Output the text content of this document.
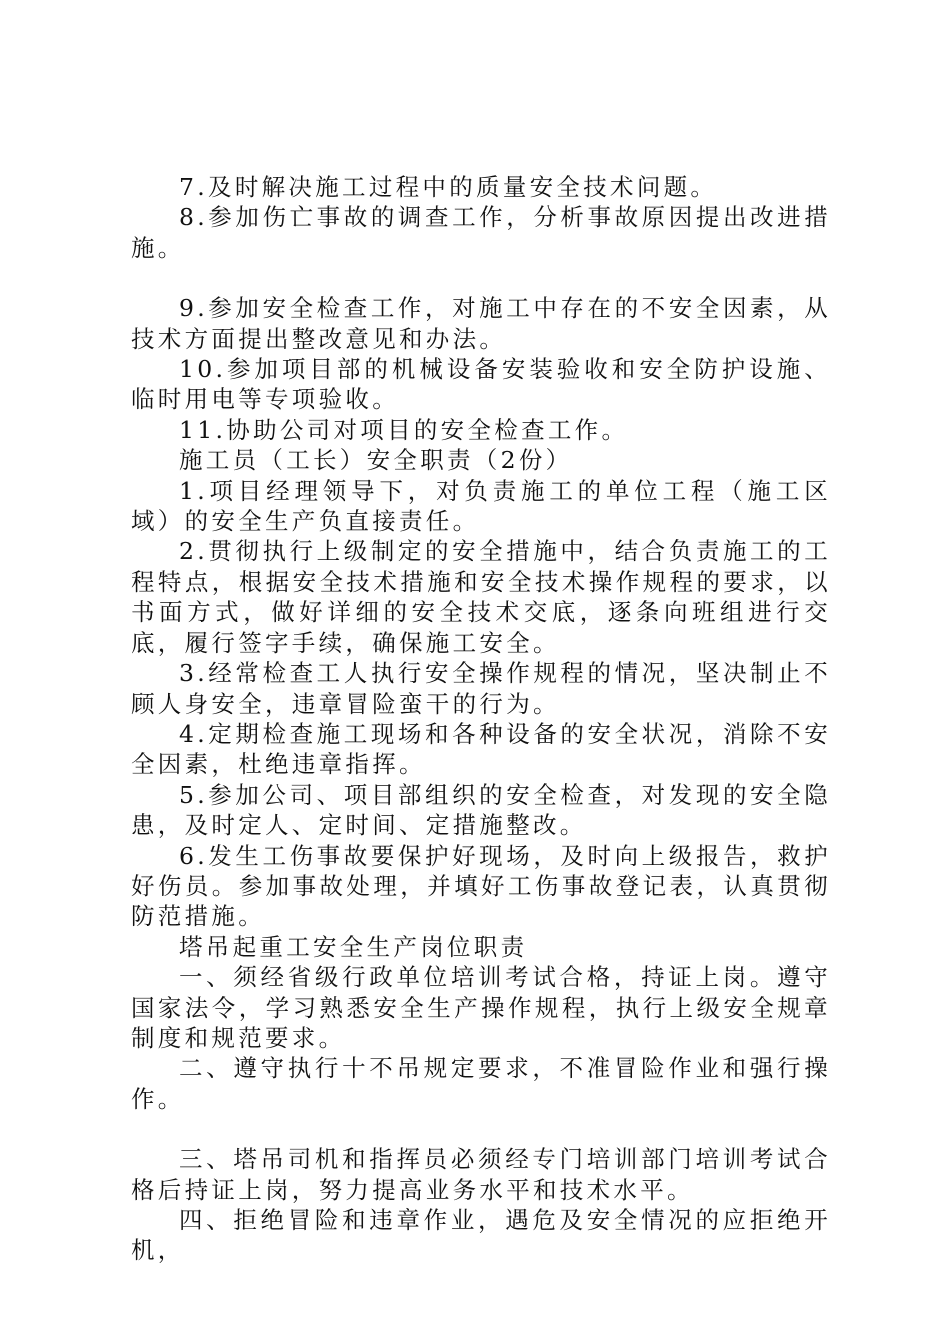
7.及时解决施工过程中的质量安全技术问题。

8.参加伤亡事故的调查工作，分析事故原因提出改进措施。

9.参加安全检查工作，对施工中存在的不安全因素，从技术方面提出整改意见和办法。

10.参加项目部的机械设备安装验收和安全防护设施、临时用电等专项验收。

11.协助公司对项目的安全检查工作。

施工员（工长）安全职责（2份）

1.项目经理领导下，对负责施工的单位工程（施工区域）的安全生产负直接责任。

2.贯彻执行上级制定的安全措施中，结合负责施工的工程特点，根据安全技术措施和安全技术操作规程的要求，以书面方式，做好详细的安全技术交底，逐条向班组进行交底，履行签字手续，确保施工安全。

3.经常检查工人执行安全操作规程的情况，坚决制止不顾人身安全，违章冒险蛮干的行为。

4.定期检查施工现场和各种设备的安全状况，消除不安全因素，杜绝违章指挥。

5.参加公司、项目部组织的安全检查，对发现的安全隐患，及时定人、定时间、定措施整改。

6.发生工伤事故要保护好现场，及时向上级报告，救护好伤员。参加事故处理，并填好工伤事故登记表，认真贯彻防范措施。

塔吊起重工安全生产岗位职责

一、须经省级行政单位培训考试合格，持证上岗。遵守国家法令，学习熟悉安全生产操作规程，执行上级安全规章制度和规范要求。

二、遵守执行十不吊规定要求，不准冒险作业和强行操作。

三、塔吊司机和指挥员必须经专门培训部门培训考试合格后持证上岗，努力提高业务水平和技术水平。

四、拒绝冒险和违章作业，遇危及安全情况的应拒绝开机，
